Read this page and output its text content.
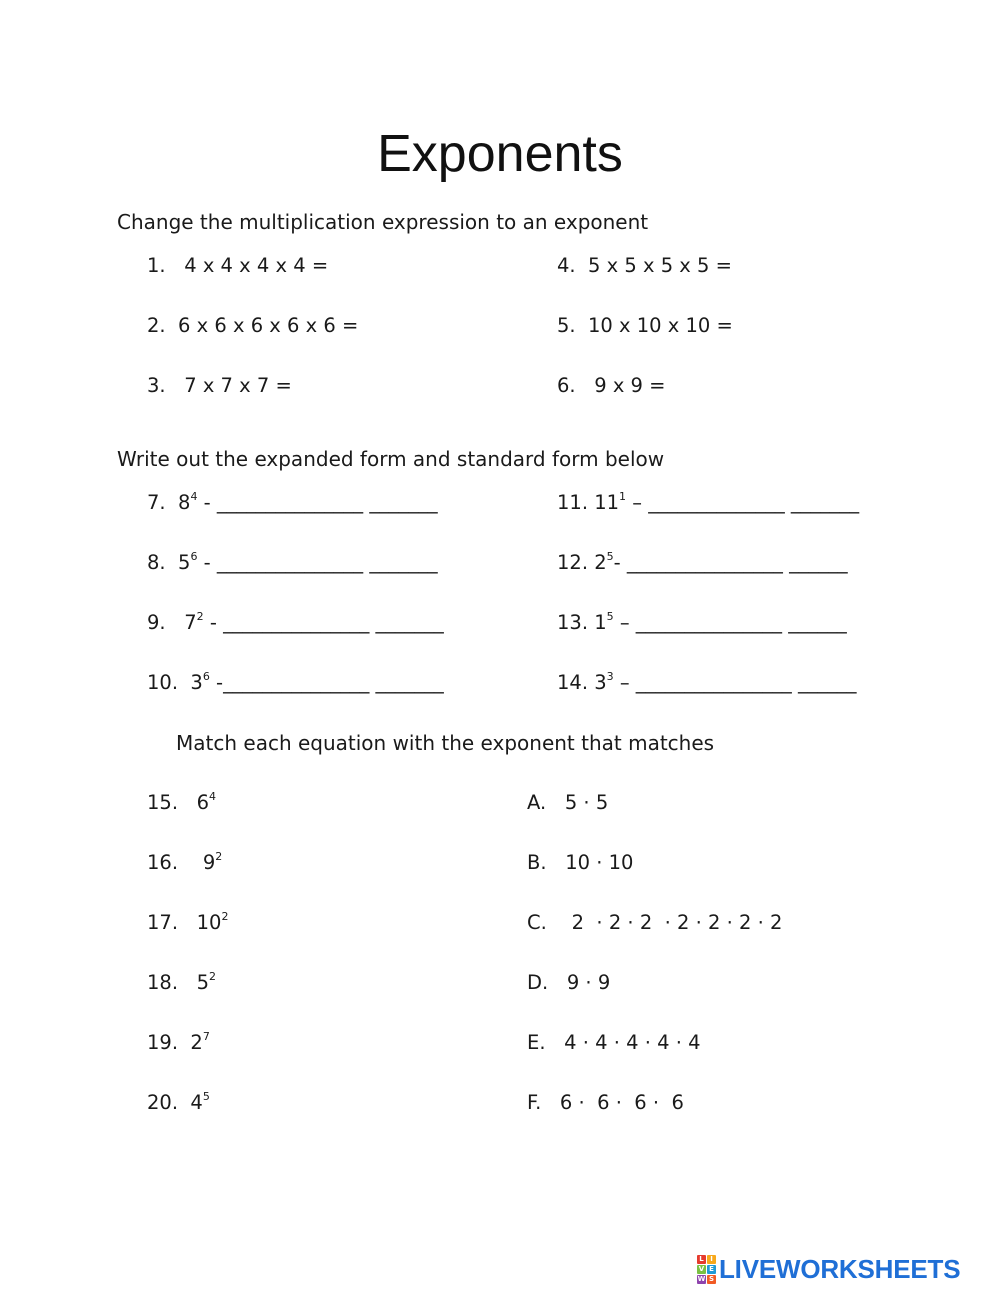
Exponents
Change the multiplication expression to an exponent
1. 4 x 4 x 4 x 4 =
2. 6 x 6 x 6 x 6 x 6 =
3. 7 x 7 x 7 =
4. 5 x 5 x 5 x 5 =
5. 10 x 10 x 10 =
6. 9 x 9 =
Write out the expanded form and standard form below
7. $8^4$ - _______________ _______
8. $5^6$ - _______________ _______
9. $7^2$ - _______________ _______
10. $3^6$ -_______________ _______
11. $11^1$ – ______________ _______
12. $2^5-$ ________________ ______
13. $1^5$ – _______________ ______
14. $3^3$ – ________________ ______
Match each equation with the exponent that matches
15. $6^4$
16. $9^2$
17. $10^2$
18. $5^2$
19. $2^7$
20. $4^5$
A. 5 · 5
B. 10 · 10
C. 2  · 2 · 2  · 2 · 2 · 2 · 2
D. 9 · 9
E. 4 · 4 · 4 · 4 · 4
F. 6 ·  6 ·  6 ·  6
L I
V E
W S LIVEWORKSHEETS
